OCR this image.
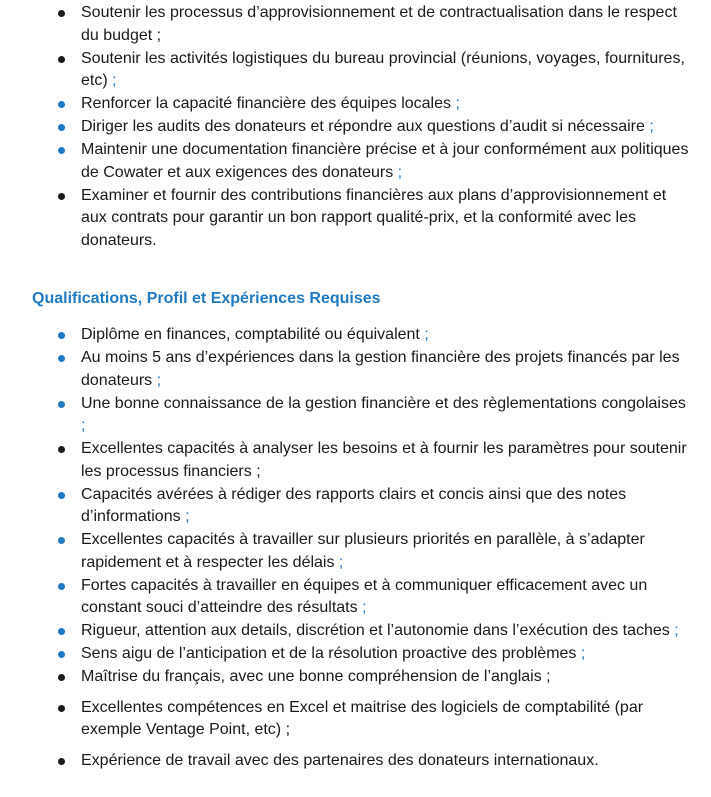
Soutenir les processus d’approvisionnement et de contractualisation dans le respect du budget ;
Soutenir les activités logistiques du bureau provincial (réunions, voyages, fournitures, etc) ;
Renforcer la capacité financière des équipes locales ;
Diriger les audits des donateurs et répondre aux questions d’audit si nécessaire ;
Maintenir une documentation financière précise et à jour conformément aux politiques de Cowater et aux exigences des donateurs ;
Examiner et fournir des contributions financières aux plans d’approvisionnement et aux contrats pour garantir un bon rapport qualité-prix, et la conformité avec les donateurs.
Qualifications, Profil et Expériences Requises
Diplôme en finances, comptabilité ou équivalent ;
Au moins 5 ans d’expériences dans la gestion financière des projets financés par les donateurs ;
Une bonne connaissance de la gestion financière et des règlementations congolaises ;
Excellentes capacités à analyser les besoins et à fournir les paramètres pour soutenir les processus financiers ;
Capacités avérées à rédiger des rapports clairs et concis ainsi que des notes d’informations ;
Excellentes capacités à travailler sur plusieurs priorités en parallèle, à s’adapter rapidement et à respecter les délais ;
Fortes capacités à travailler en équipes et à communiquer efficacement avec un constant souci d’atteindre des résultats ;
Rigueur, attention aux details, discrétion et l’autonomie dans l’exécution des taches ;
Sens aigu de l’anticipation et de la résolution proactive des problèmes ;
Maîtrise du français, avec une bonne compréhension de l’anglais ;
Excellentes compétences en Excel et maitrise des logiciels de comptabilité (par exemple Ventage Point, etc) ;
Expérience de travail avec des partenaires des donateurs internationaux.
